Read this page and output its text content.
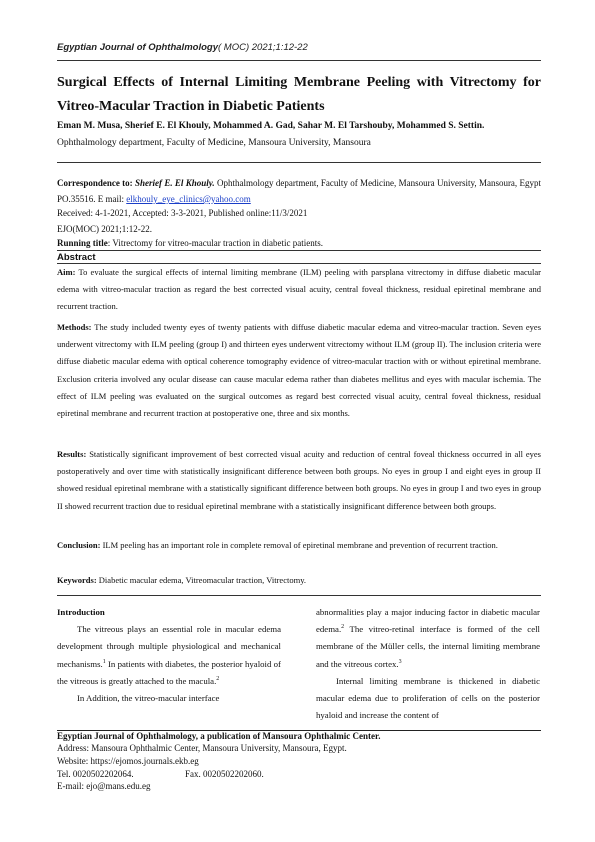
Egyptian Journal of Ophthalmology( MOC) 2021;1:12-22
Surgical Effects of Internal Limiting Membrane Peeling with Vitrectomy for Vitreo-Macular Traction in Diabetic Patients
Eman M. Musa, Sherief E. El Khouly, Mohammed A. Gad, Sahar M. El Tarshouby, Mohammed S. Settin.
Ophthalmology department, Faculty of Medicine, Mansoura University, Mansoura
Correspondence to: Sherief E. El Khouly. Ophthalmology department, Faculty of Medicine, Mansoura University, Mansoura, Egypt PO.35516. E mail: elkhouly_eye_clinics@yahoo.com
Received: 4-1-2021, Accepted: 3-3-2021, Published online:11/3/2021
EJO(MOC) 2021;1:12-22.
Running title: Vitrectomy for vitreo-macular traction in diabetic patients.
Abstract
Aim: To evaluate the surgical effects of internal limiting membrane (ILM) peeling with parsplana vitrectomy in diffuse diabetic macular edema with vitreo-macular traction as regard the best corrected visual acuity, central foveal thickness, residual epiretinal membrane and recurrent traction.
Methods: The study included twenty eyes of twenty patients with diffuse diabetic macular edema and vitreo-macular traction. Seven eyes underwent vitrectomy with ILM peeling (group I) and thirteen eyes underwent vitrectomy without ILM (group II). The inclusion criteria were diffuse diabetic macular edema with optical coherence tomography evidence of vitreo-macular traction with or without epiretinal membrane. Exclusion criteria involved any ocular disease can cause macular edema rather than diabetes mellitus and eyes with macular ischemia. The effect of ILM peeling was evaluated on the surgical outcomes as regard best corrected visual acuity, central foveal thickness, residual epiretinal membrane and recurrent traction at postoperative one, three and six months.
Results: Statistically significant improvement of best corrected visual acuity and reduction of central foveal thickness occurred in all eyes postoperatively and over time with statistically insignificant difference between both groups. No eyes in group I and eight eyes in group II showed residual epiretinal membrane with a statistically significant difference between both groups. No eyes in group I and two eyes in group II showed recurrent traction due to residual epiretinal membrane with a statistically insignificant difference between both groups.
Conclusion: ILM peeling has an important role in complete removal of epiretinal membrane and prevention of recurrent traction.
Keywords: Diabetic macular edema, Vitreomacular traction, Vitrectomy.

Introduction

The vitreous plays an essential role in macular edema development through multiple physiological and mechanical mechanisms.$^1$ In patients with diabetes, the posterior hyaloid of the vitreous is greatly attached to the macula.$^2$

In Addition, the vitreo-macular interface

abnormalities play a major inducing factor in diabetic macular edema.$^2$ The vitreo-retinal interface is formed of the cell membrane of the Müller cells, the internal limiting membrane and the vitreous cortex.$^3$

Internal limiting membrane is thickened in diabetic macular edema due to proliferation of cells on the posterior hyaloid and increase the content of

Egyptian Journal of Ophthalmology, a publication of Mansoura Ophthalmic Center.
Address: Mansoura Ophthalmic Center, Mansoura University, Mansoura, Egypt.
Website: https://ejomos.journals.ekb.eg
Tel. 0020502202064.	Fax. 0020502202060.
E-mail: ejo@mans.edu.eg
